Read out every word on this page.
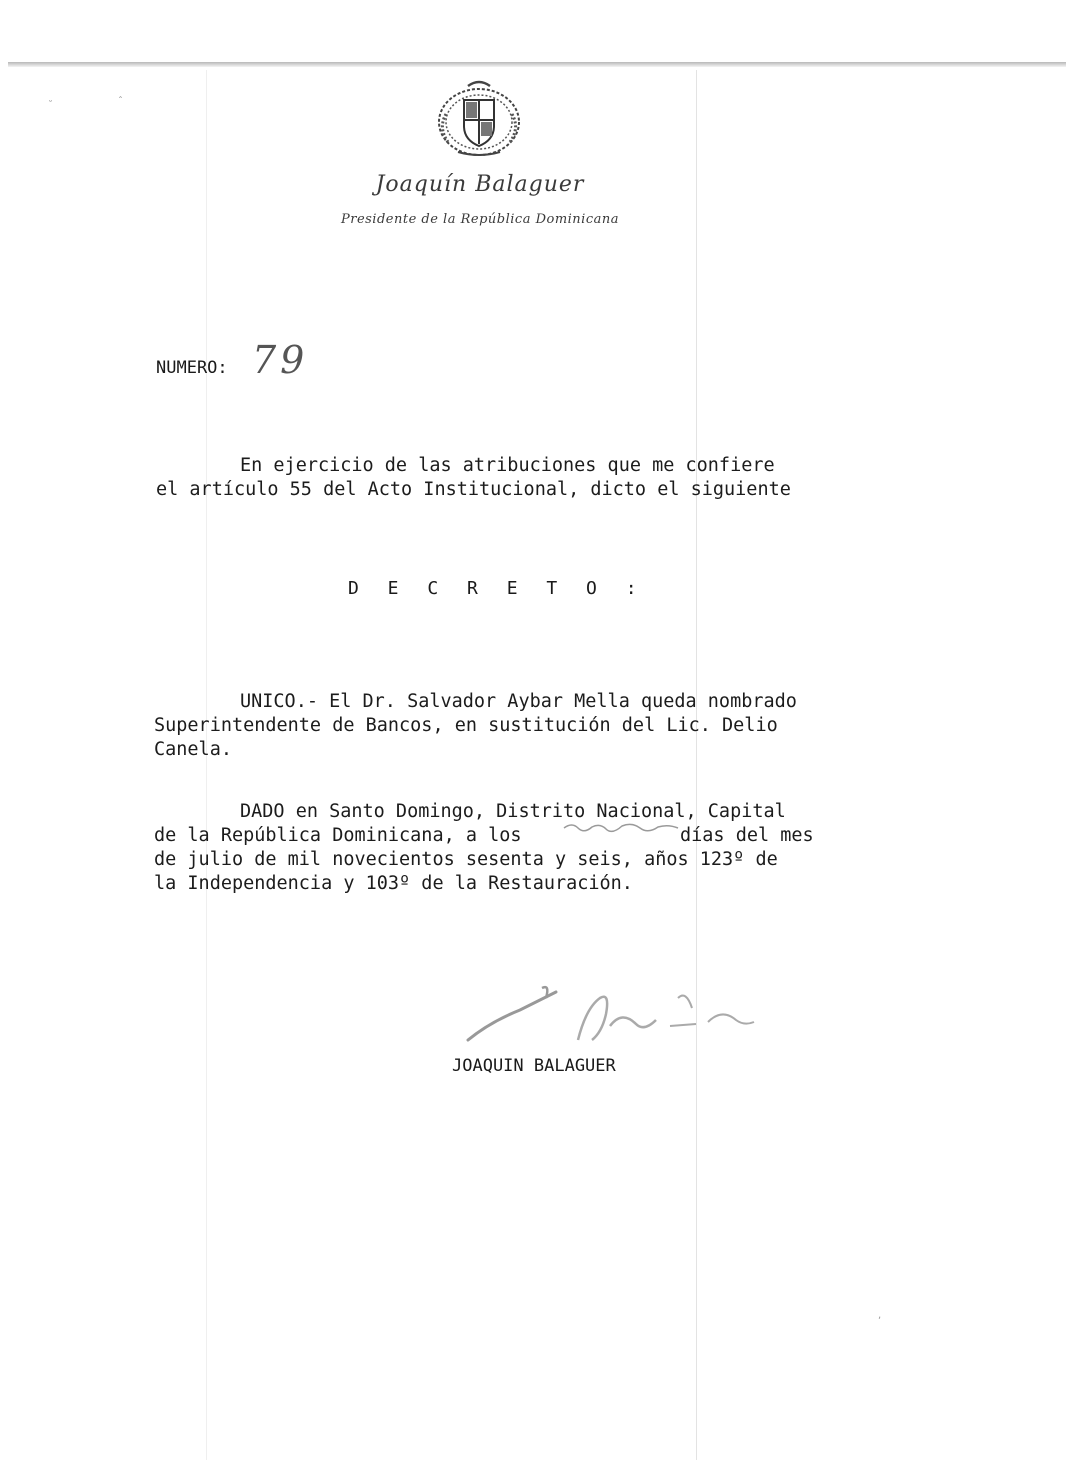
˘	ˆ
,
Joaquín Balaguer
Presidente de la República Dominicana
NUMERO: 79
En ejercicio de las atribuciones que me confiere
el artículo 55 del Acto Institucional, dicto el siguiente
D E C R E T O :
UNICO.- El Dr. Salvador Aybar Mella queda nombrado
Superintendente de Bancos, en sustitución del Lic. Delio
Canela.
DADO en Santo Domingo, Distrito Nacional, Capital
de la República Dominicana, a los	días del mes
de julio de mil novecientos sesenta y seis, años 123º de
la Independencia y 103º de la Restauración.
JOAQUIN BALAGUER
